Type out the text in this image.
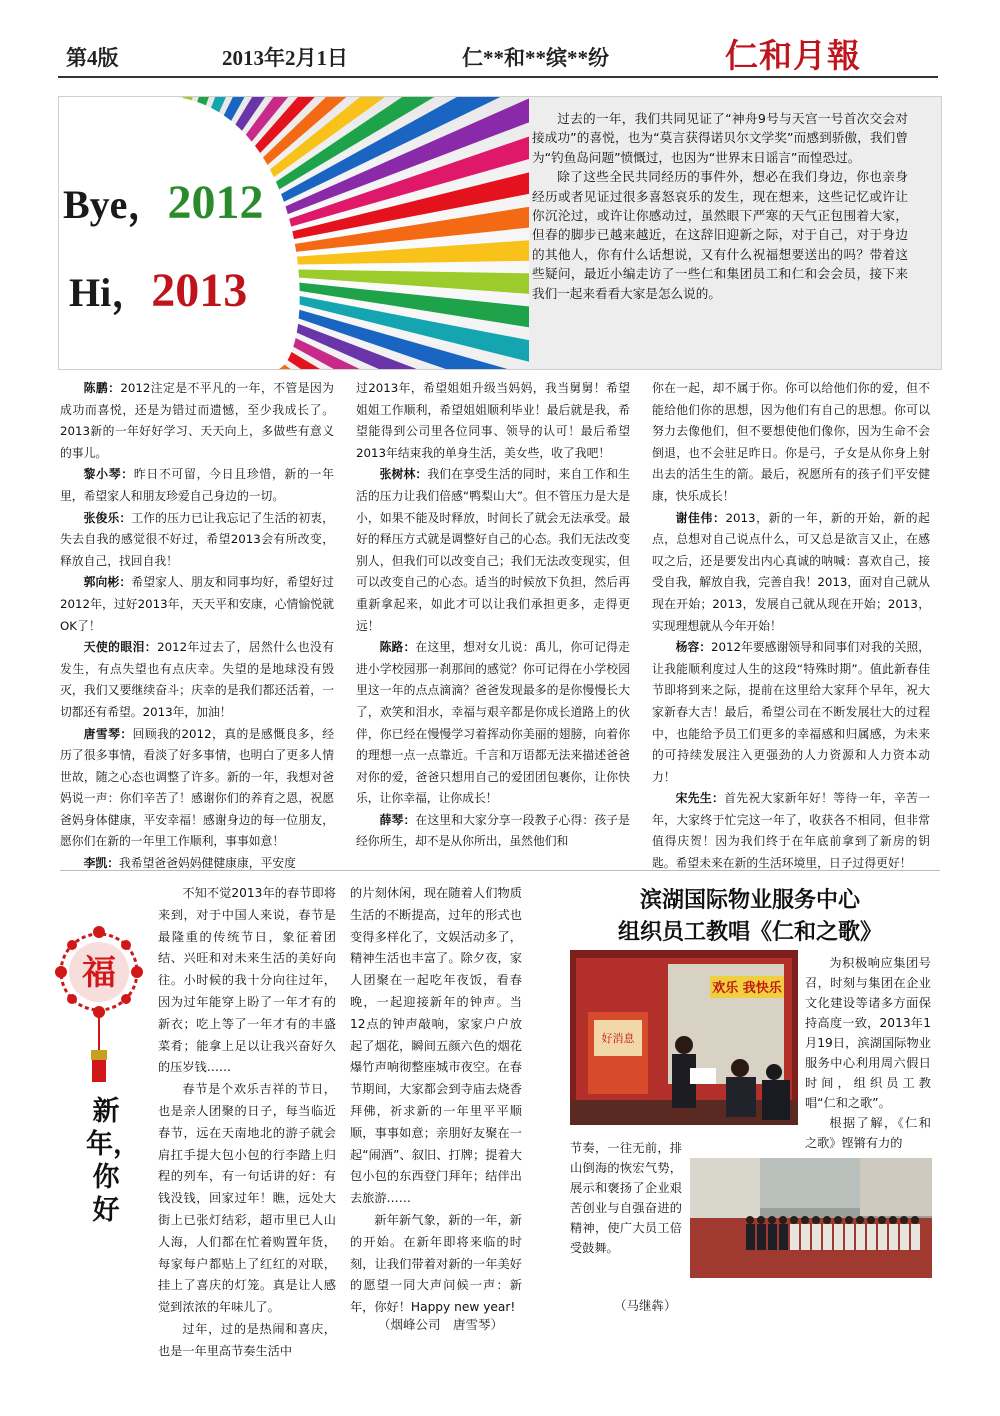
第4版	2013年2月1日	仁**和**缤**纷	仁和月報
Bye，2012
Hi，2013

过去的一年，我们共同见证了“神舟9号与天宫一号首次交会对接成功”的喜悦，也为“莫言获得诺贝尔文学奖”而感到骄傲，我们曾为“钓鱼岛问题”愤慨过，也因为“世界末日谣言”而惶恐过。

除了这些全民共同经历的事件外，想必在我们身边，你也亲身经历或者见证过很多喜怒哀乐的发生，现在想来，这些记忆或许让你沉沦过，或许让你感动过，虽然眼下严寒的天气正包围着大家，但春的脚步已越来越近，在这辞旧迎新之际，对于自己，对于身边的其他人，你有什么话想说，又有什么祝福想要送出的吗？带着这些疑问，最近小编走访了一些仁和集团员工和仁和会会员，接下来我们一起来看看大家是怎么说的。

陈鹏：2012注定是不平凡的一年，不管是因为成功而喜悦，还是为错过而遗憾，至少我成长了。2013新的一年好好学习、天天向上，多做些有意义的事儿。

黎小琴：昨日不可留，今日且珍惜，新的一年里，希望家人和朋友珍爱自己身边的一切。

张俊乐：工作的压力已让我忘记了生活的初衷，失去自我的感觉很不好过，希望2013会有所改变，释放自己，找回自我！

郭向彬：希望家人、朋友和同事均好，希望好过2012年，过好2013年，天天平和安康，心情愉悦就OK了！

天使的眼泪：2012年过去了，居然什么也没有发生，有点失望也有点庆幸。失望的是地球没有毁灭，我们又要继续奋斗；庆幸的是我们都还活着，一切都还有希望。2013年，加油！

唐雪琴：回顾我的2012，真的是感慨良多，经历了很多事情，看淡了好多事情，也明白了更多人情世故，随之心态也调整了许多。新的一年，我想对爸妈说一声：你们辛苦了！感谢你们的养育之恩，祝愿爸妈身体健康，平安幸福！感谢身边的每一位朋友，愿你们在新的一年里工作顺利，事事如意！

李凯：我希望爸爸妈妈健健康康，平安度

过2013年，希望姐姐升级当妈妈，我当舅舅！希望姐姐工作顺利，希望姐姐顺利毕业！最后就是我，希望能得到公司里各位同事、领导的认可！最后希望2013年结束我的单身生活，美女些，收了我吧！

张树林：我们在享受生活的同时，来自工作和生活的压力让我们倍感“鸭梨山大”。但不管压力是大是小，如果不能及时释放，时间长了就会无法承受。最好的释压方式就是调整好自己的心态。我们无法改变别人，但我们可以改变自己；我们无法改变现实，但可以改变自己的心态。适当的时候放下负担，然后再重新拿起来，如此才可以让我们承担更多，走得更远！

陈路：在这里，想对女儿说：禹儿，你可记得走进小学校园那一刹那间的感觉？你可记得在小学校园里这一年的点点滴滴？爸爸发现最多的是你慢慢长大了，欢笑和泪水，幸福与艰辛都是你成长道路上的伙伴，你已经在慢慢学习着挥动你美丽的翅膀，向着你的理想一点一点靠近。千言和万语都无法来描述爸爸对你的爱，爸爸只想用自己的爱团团包裹你，让你快乐，让你幸福，让你成长！

薛琴：在这里和大家分享一段教子心得：孩子是经你所生，却不是从你所出，虽然他们和

你在一起，却不属于你。你可以给他们你的爱，但不能给他们你的思想，因为他们有自己的思想。你可以努力去像他们，但不要想使他们像你，因为生命不会倒退，也不会驻足昨日。你是弓，子女是从你身上射出去的活生生的箭。最后，祝愿所有的孩子们平安健康，快乐成长！

谢佳伟：2013，新的一年，新的开始，新的起点，总想对自己说点什么，可又总是欲言又止，在感叹之后，还是要发出内心真诚的呐喊：喜欢自己，接受自我，解放自我，完善自我！2013，面对自己就从现在开始；2013，发展自己就从现在开始；2013，实现理想就从今年开始！

杨容：2012年要感谢领导和同事们对我的关照，让我能顺利度过人生的这段“特殊时期”。值此新春佳节即将到来之际，提前在这里给大家拜个早年，祝大家新春大吉！最后，希望公司在不断发展壮大的过程中，也能给予员工们更多的幸福感和归属感，为未来的可持续发展注入更强劲的人力资源和人力资本动力！

宋先生：首先祝大家新年好！等待一年，辛苦一年，大家终于忙完这一年了，收获各不相同，但非常值得庆贺！因为我们终于在年底前拿到了新房的钥匙。希望未来在新的生活环境里，日子过得更好！

福
新年，你好

不知不觉2013年的春节即将来到，对于中国人来说，春节是最隆重的传统节日，象征着团结、兴旺和对未来生活的美好向往。小时候的我十分向往过年，因为过年能穿上盼了一年才有的新衣；吃上等了一年才有的丰盛菜肴；能拿上足以让我兴奋好久的压岁钱……

春节是个欢乐吉祥的节日，也是亲人团聚的日子，每当临近春节，远在天南地北的游子就会肩扛手提大包小包的行李踏上归程的列车，有一句话讲的好：有钱没钱，回家过年！瞧，远处大街上已张灯结彩，超市里已人山人海，人们都在忙着购置年货，每家每户都贴上了红红的对联，挂上了喜庆的灯笼。真是让人感觉到浓浓的年味儿了。

过年，过的是热闹和喜庆，也是一年里高节奏生活中

的片刻休闲，现在随着人们物质生活的不断提高，过年的形式也变得多样化了，文娱活动多了，精神生活也丰富了。除夕夜，家人团聚在一起吃年夜饭，看春晚，一起迎接新年的钟声。当12点的钟声敲响，家家户户放起了烟花，瞬间五颜六色的烟花爆竹声响彻整座城市夜空。在春节期间，大家都会到寺庙去烧香拜佛，祈求新的一年里平平顺顺，事事如意；亲朋好友聚在一起“闹酒”、叙旧、打牌；提着大包小包的东西登门拜年；结伴出去旅游……

新年新气象，新的一年，新的开始。在新年即将来临的时刻，让我们带着对新的一年美好的愿望一同大声问候一声：新年，你好！Happy new year!

（烟峰公司　唐雪琴）
滨湖国际物业服务中心
组织员工教唱《仁和之歌》
欢乐 我快乐
好消息

为积极响应集团号召，时刻与集团在企业文化建设等诸多方面保持高度一致，2013年1月19日，滨湖国际物业服务中心利用周六假日时间，组织员工教唱“仁和之歌”。

根据了解，《仁和之歌》铿锵有力的

节奏，一往无前，排山倒海的恢宏气势，展示和褒扬了企业艰苦创业与自强奋进的精神，使广大员工倍受鼓舞。

（马继犇）
